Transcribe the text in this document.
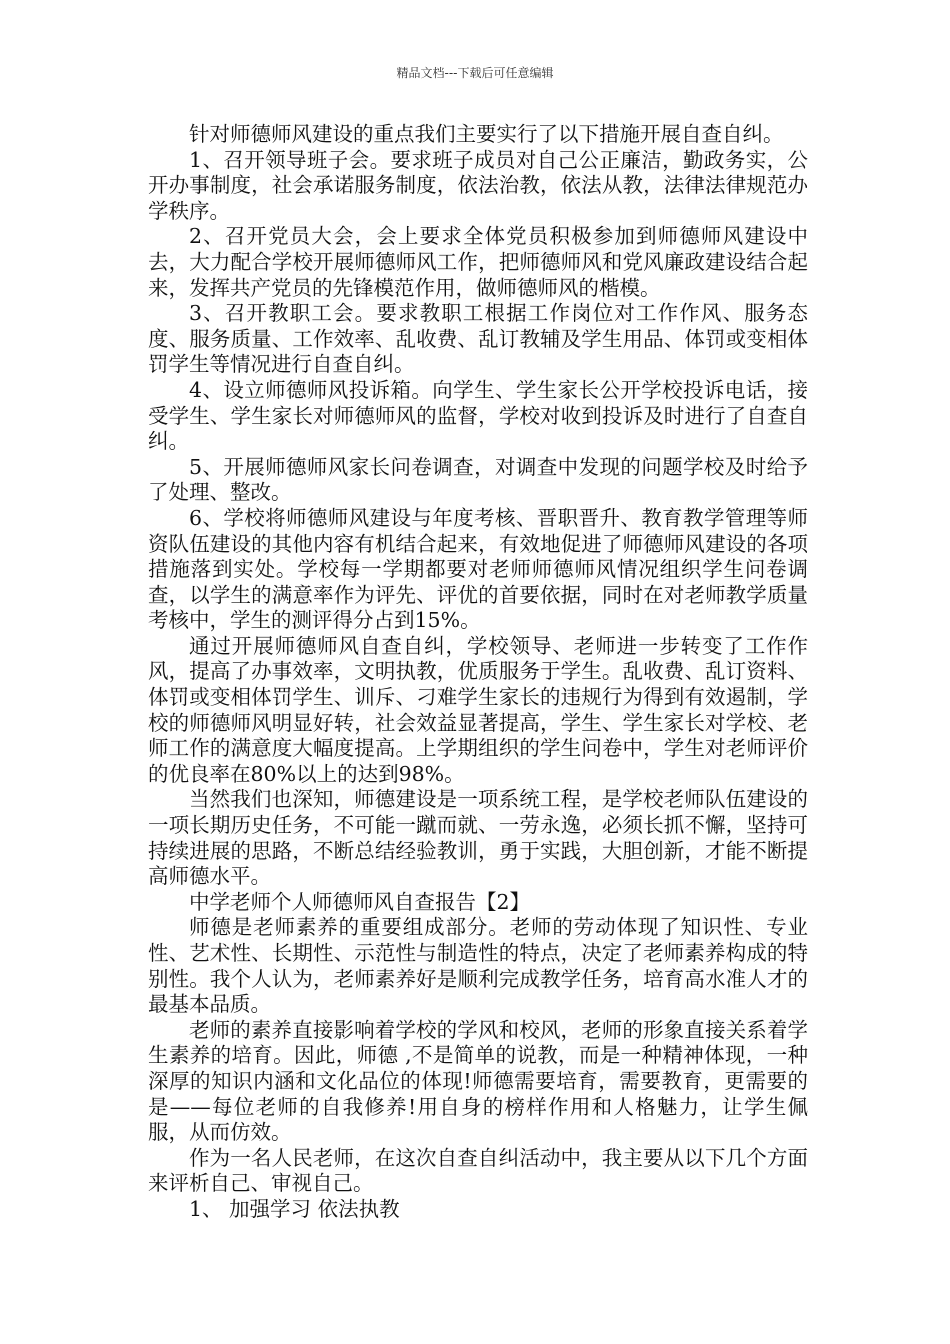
精品文档---下载后可任意编辑

针对师德师风建设的重点我们主要实行了以下措施开展自查自纠。

1、召开领导班子会。要求班子成员对自己公正廉洁，勤政务实，公开办事制度，社会承诺服务制度，依法治教，依法从教，法律法律规范办学秩序。

2、召开党员大会，会上要求全体党员积极参加到师德师风建设中去，大力配合学校开展师德师风工作，把师德师风和党风廉政建设结合起来，发挥共产党员的先锋模范作用，做师德师风的楷模。

3、召开教职工会。要求教职工根据工作岗位对工作作风、服务态度、服务质量、工作效率、乱收费、乱订教辅及学生用品、体罚或变相体罚学生等情况进行自查自纠。

4、设立师德师风投诉箱。向学生、学生家长公开学校投诉电话，接受学生、学生家长对师德师风的监督，学校对收到投诉及时进行了自查自纠。

5、开展师德师风家长问卷调查，对调查中发现的问题学校及时给予了处理、整改。

6、学校将师德师风建设与年度考核、晋职晋升、教育教学管理等师资队伍建设的其他内容有机结合起来，有效地促进了师德师风建设的各项措施落到实处。学校每一学期都要对老师师德师风情况组织学生问卷调查，以学生的满意率作为评先、评优的首要依据，同时在对老师教学质量考核中，学生的测评得分占到15%。

通过开展师德师风自查自纠，学校领导、老师进一步转变了工作作风，提高了办事效率，文明执教，优质服务于学生。乱收费、乱订资料、体罚或变相体罚学生、训斥、刁难学生家长的违规行为得到有效遏制，学校的师德师风明显好转，社会效益显著提高，学生、学生家长对学校、老师工作的满意度大幅度提高。上学期组织的学生问卷中，学生对老师评价的优良率在80%以上的达到98%。

当然我们也深知，师德建设是一项系统工程，是学校老师队伍建设的一项长期历史任务，不可能一蹴而就、一劳永逸，必须长抓不懈，坚持可持续进展的思路，不断总结经验教训，勇于实践，大胆创新，才能不断提高师德水平。

中学老师个人师德师风自查报告【2】

师德是老师素养的重要组成部分。老师的劳动体现了知识性、专业性、艺术性、长期性、示范性与制造性的特点，决定了老师素养构成的特别性。我个人认为，老师素养好是顺利完成教学任务，培育高水准人才的最基本品质。

老师的素养直接影响着学校的学风和校风，老师的形象直接关系着学生素养的培育。因此，师德 ,不是简单的说教，而是一种精神体现，一种深厚的知识内涵和文化品位的体现!师德需要培育，需要教育，更需要的是——每位老师的自我修养!用自身的榜样作用和人格魅力，让学生佩服，从而仿效。

作为一名人民老师，在这次自查自纠活动中，我主要从以下几个方面来评析自己、审视自己。

1、 加强学习 依法执教
